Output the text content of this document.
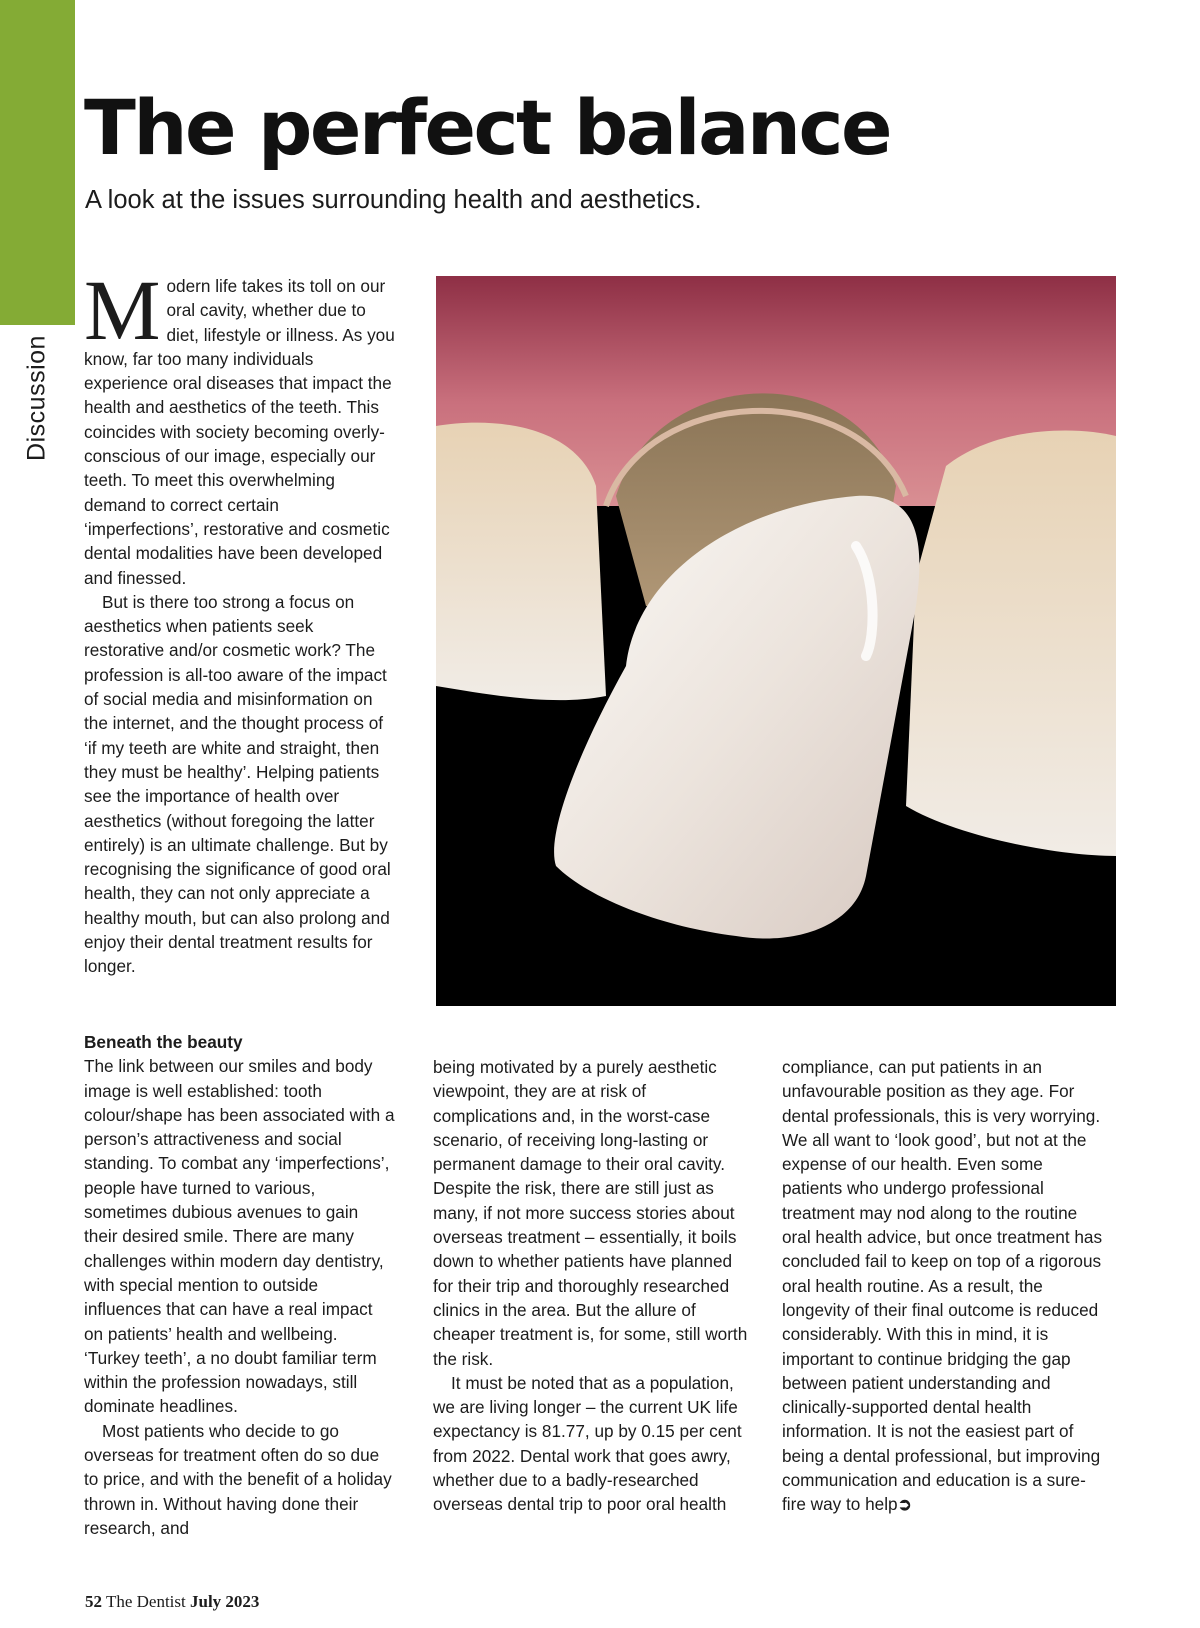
Discussion
The perfect balance

A look at the issues surrounding health and aesthetics.

Modern life takes its toll on our oral cavity, whether due to diet, lifestyle or illness. As you know, far too many individuals experience oral diseases that impact the health and aesthetics of the teeth. This coincides with society becoming overly-conscious of our image, especially our teeth. To meet this overwhelming demand to correct certain ‘imperfections’, restorative and cosmetic dental modalities have been developed and finessed.

But is there too strong a focus on aesthetics when patients seek restorative and/or cosmetic work? The profession is all-too aware of the impact of social media and misinformation on the internet, and the thought process of ‘if my teeth are white and straight, then they must be healthy’. Helping patients see the importance of health over aesthetics (without foregoing the latter entirely) is an ultimate challenge. But by recognising the significance of good oral health, they can not only appreciate a healthy mouth, but can also prolong and enjoy their dental treatment results for longer.

Beneath the beauty

The link between our smiles and body image is well established: tooth colour/shape has been associated with a person’s attractiveness and social standing. To combat any ‘imperfections’, people have turned to various, sometimes dubious avenues to gain their desired smile. There are many challenges within modern day dentistry, with special mention to outside influences that can have a real impact on patients’ health and wellbeing. ‘Turkey teeth’, a no doubt familiar term within the profession nowadays, still dominate headlines.

Most patients who decide to go overseas for treatment often do so due to price, and with the benefit of a holiday thrown in. Without having done their research, and

being motivated by a purely aesthetic viewpoint, they are at risk of complications and, in the worst-case scenario, of receiving long-lasting or permanent damage to their oral cavity. Despite the risk, there are still just as many, if not more success stories about overseas treatment – essentially, it boils down to whether patients have planned for their trip and thoroughly researched clinics in the area. But the allure of cheaper treatment is, for some, still worth the risk.

It must be noted that as a population, we are living longer – the current UK life expectancy is 81.77, up by 0.15 per cent from 2022. Dental work that goes awry, whether due to a badly-researched overseas dental trip to poor oral health

compliance, can put patients in an unfavourable position as they age. For dental professionals, this is very worrying. We all want to ‘look good’, but not at the expense of our health. Even some patients who undergo professional treatment may nod along to the routine oral health advice, but once treatment has concluded fail to keep on top of a rigorous oral health routine. As a result, the longevity of their final outcome is reduced considerably. With this in mind, it is important to continue bridging the gap between patient understanding and clinically-supported dental health information. It is not the easiest part of being a dental professional, but improving communication and education is a sure-fire way to help➲

52 The Dentist July 2023
